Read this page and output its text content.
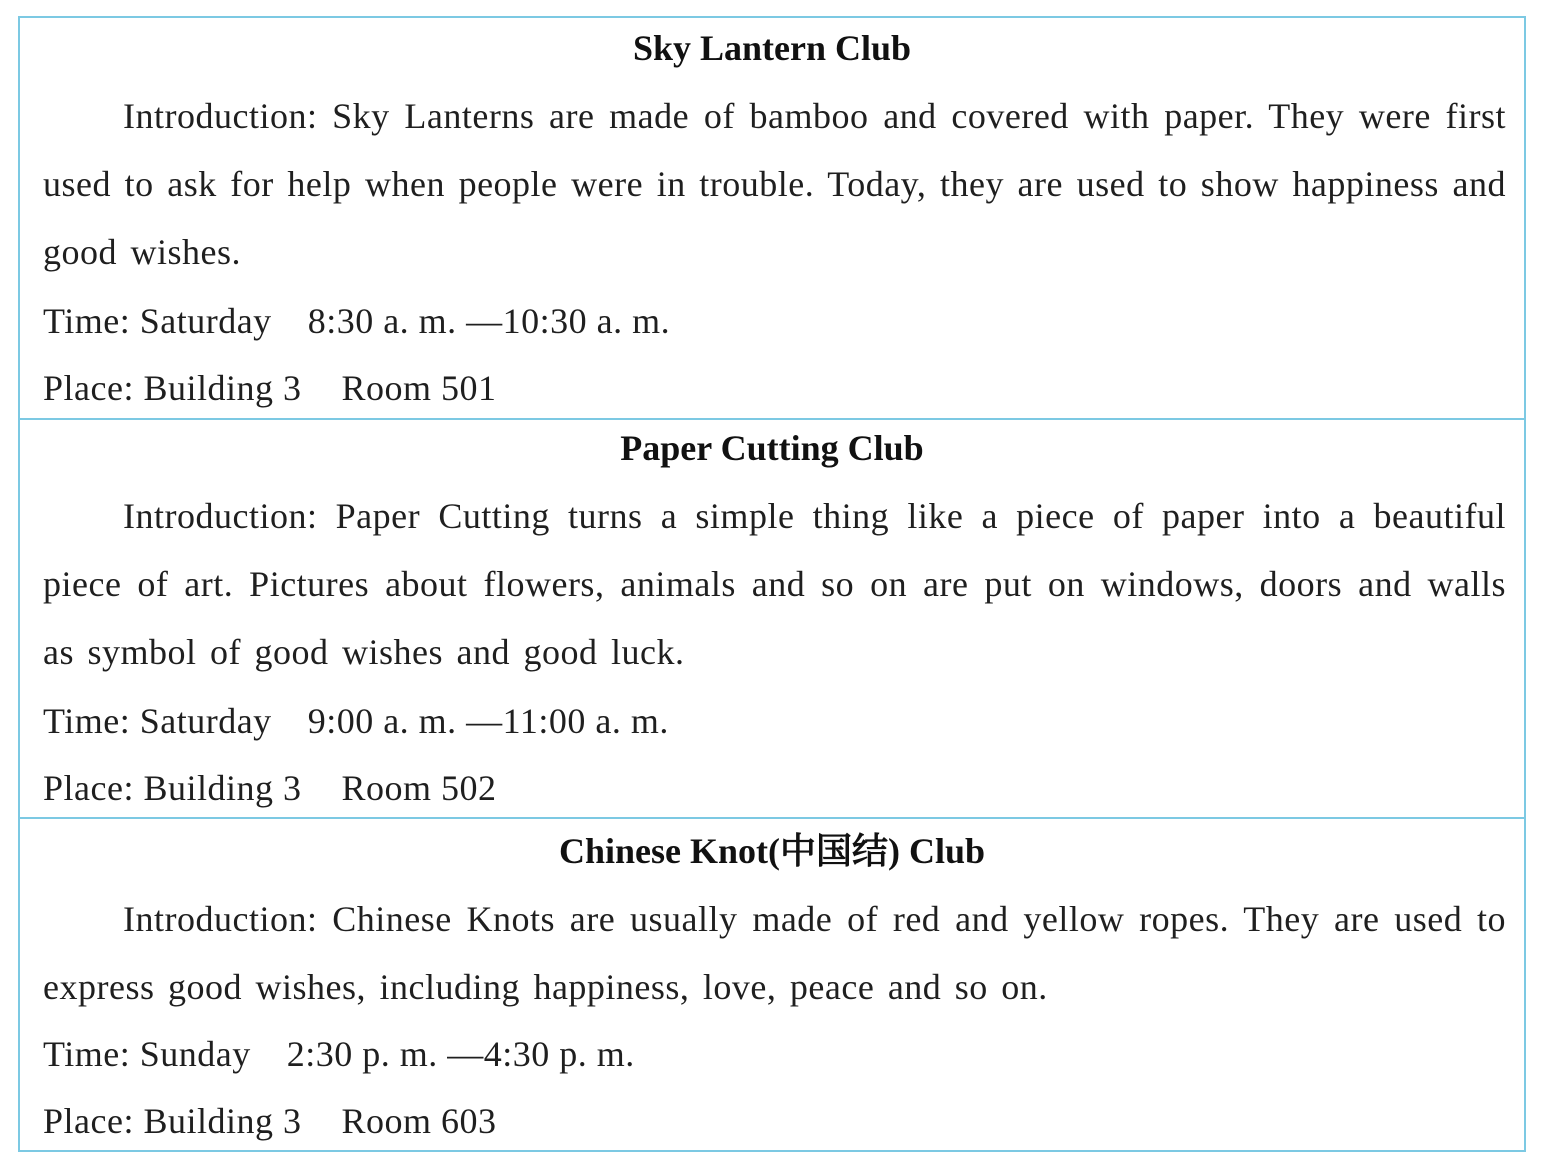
Sky Lantern Club
Introduction: Sky Lanterns are made of bamboo and covered with paper. They were first used to ask for help when people were in trouble. Today, they are used to show happiness and good wishes.
Time: Saturday 8:30 a. m. —10:30 a. m.
Place: Building 3 Room 501
Paper Cutting Club
Introduction: Paper Cutting turns a simple thing like a piece of paper into a beautiful piece of art. Pictures about flowers, animals and so on are put on windows, doors and walls as symbol of good wishes and good luck.
Time: Saturday 9:00 a. m. —11:00 a. m.
Place: Building 3 Room 502
Chinese Knot(中国结) Club
Introduction: Chinese Knots are usually made of red and yellow ropes. They are used to express good wishes, including happiness, love, peace and so on.
Time: Sunday 2:30 p. m. —4:30 p. m.
Place: Building 3 Room 603
